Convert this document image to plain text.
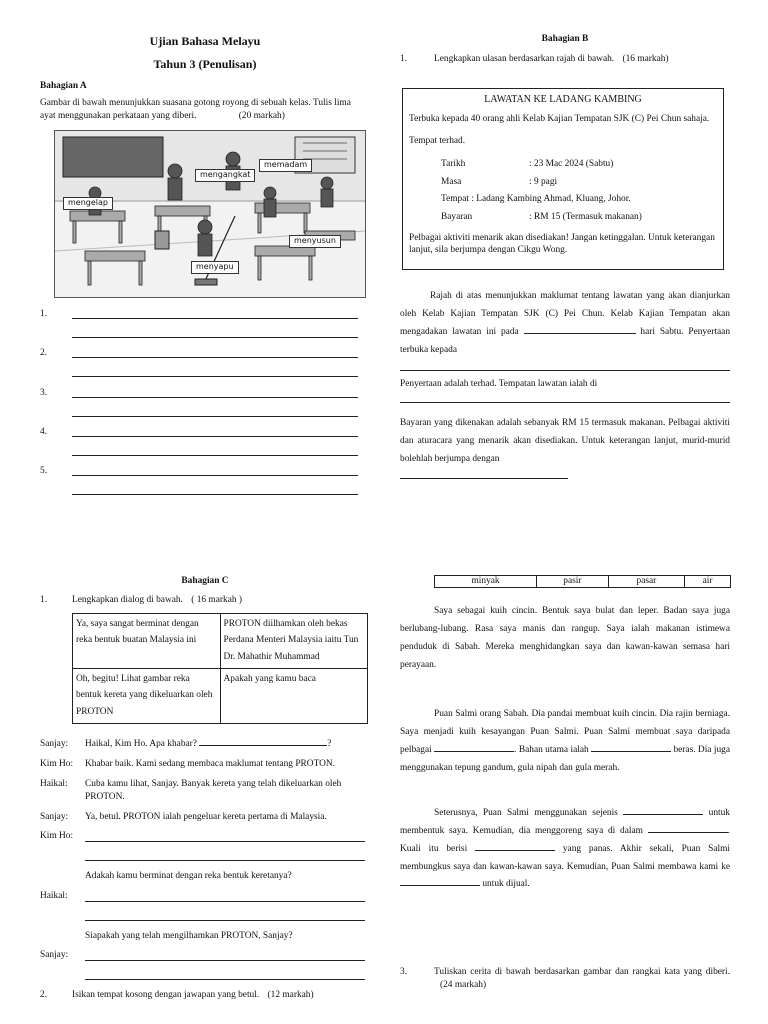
Ujian Bahasa Melayu
Tahun 3 (Penulisan)
Bahagian A
Gambar di bawah menunjukkan suasana gotong royong di sebuah kelas. Tulis lima ayat menggunakan perkataan yang diberi.	(20 markah)
memadam
mengangkat
mengelap
menyusun
menyapu
1.
2.
3.
4.
5.
Bahagian B
1.	Lengkapkan ulasan berdasarkan rajah di bawah. (16 markah)
LAWATAN KE LADANG KAMBING
Terbuka kepada 40 orang ahli Kelab Kajian Tempatan SJK (C) Pei Chun sahaja.
Tempat terhad.
Tarikh	: 23 Mac 2024 (Sabtu)
Masa	: 9 pagi
Tempat : Ladang Kambing Ahmad, Kluang, Johor.
Bayaran	: RM 15 (Termasuk makanan)
Pelbagai aktiviti menarik akan disediakan! Jangan ketinggalan. Untuk keterangan lanjut, sila berjumpa dengan Cikgu Wong.
Rajah di atas menunjukkan maklumat tentang lawatan yang akan dianjurkan oleh Kelab Kajian Tempatan SJK (C) Pei Chun. Kelab Kajian Tempatan akan mengadakan lawatan ini pada	hari Sabtu. Penyertaan terbuka kepada
Penyertaan adalah terhad. Tempatan lawatan ialah di
Bayaran yang dikenakan adalah sebanyak RM 15 termasuk makanan. Pelbagai aktiviti dan aturacara yang menarik akan disediakan. Untuk keterangan lanjut, murid-murid bolehlah berjumpa dengan
Bahagian C
1.	Lengkapkan dialog di bawah. ( 16 markah )
Ya, saya sangat berminat dengan reka bentuk buatan Malaysia ini	PROTON diilhamkan oleh bekas Perdana Menteri Malaysia iaitu Tun Dr. Mahathir Muhammad
Oh, begitu! Lihat gambar reka bentuk kereta yang dikeluarkan oleh PROTON	Apakah yang kamu baca
Sanjay:	Haikal, Kim Ho. Apa khabar?	?
Kim Ho:	Khabar baik. Kami sedang membaca maklumat tentang PROTON.
Haikal:	Cuba kamu lihat, Sanjay. Banyak kereta yang telah dikeluarkan oleh PROTON.
Sanjay:	Ya, betul. PROTON ialah pengeluar kereta pertama di Malaysia.
Kim Ho:
Adakah kamu berminat dengan reka bentuk keretanya?
Haikal:
Siapakah yang telah mengilhamkan PROTON, Sanjay?
Sanjay:
2.	Isikan tempat kosong dengan jawapan yang betul. (12 markah)
minyak	pasir	pasar	air
Saya sebagai kuih cincin. Bentuk saya bulat dan leper. Badan saya juga berlubang-lubang. Rasa saya manis dan rangup. Saya ialah makanan istimewa penduduk di Sabah. Mereka menghidangkan saya dan kawan-kawan semasa hari perayaan.
Puan Salmi orang Sabah. Dia pandai membuat kuih cincin. Dia rajin berniaga. Saya menjadi kuih kesayangan Puan Salmi. Puan Salmi membuat saya daripada pelbagai	. Bahan utama ialah	beras. Dia juga menggunakan tepung gandum, gula nipah dan gula merah.
Seterusnya, Puan Salmi menggunakan sejenis	untuk membentuk saya. Kemudian, dia menggoreng saya di dalam	. Kuali itu berisi	yang panas. Akhir sekali, Puan Salmi membungkus saya dan kawan-kawan saya. Kemudian, Puan Salmi membawa kami ke  untuk dijual.
3.	Tuliskan cerita di bawah berdasarkan gambar dan rangkai kata yang diberi. (24 markah)
